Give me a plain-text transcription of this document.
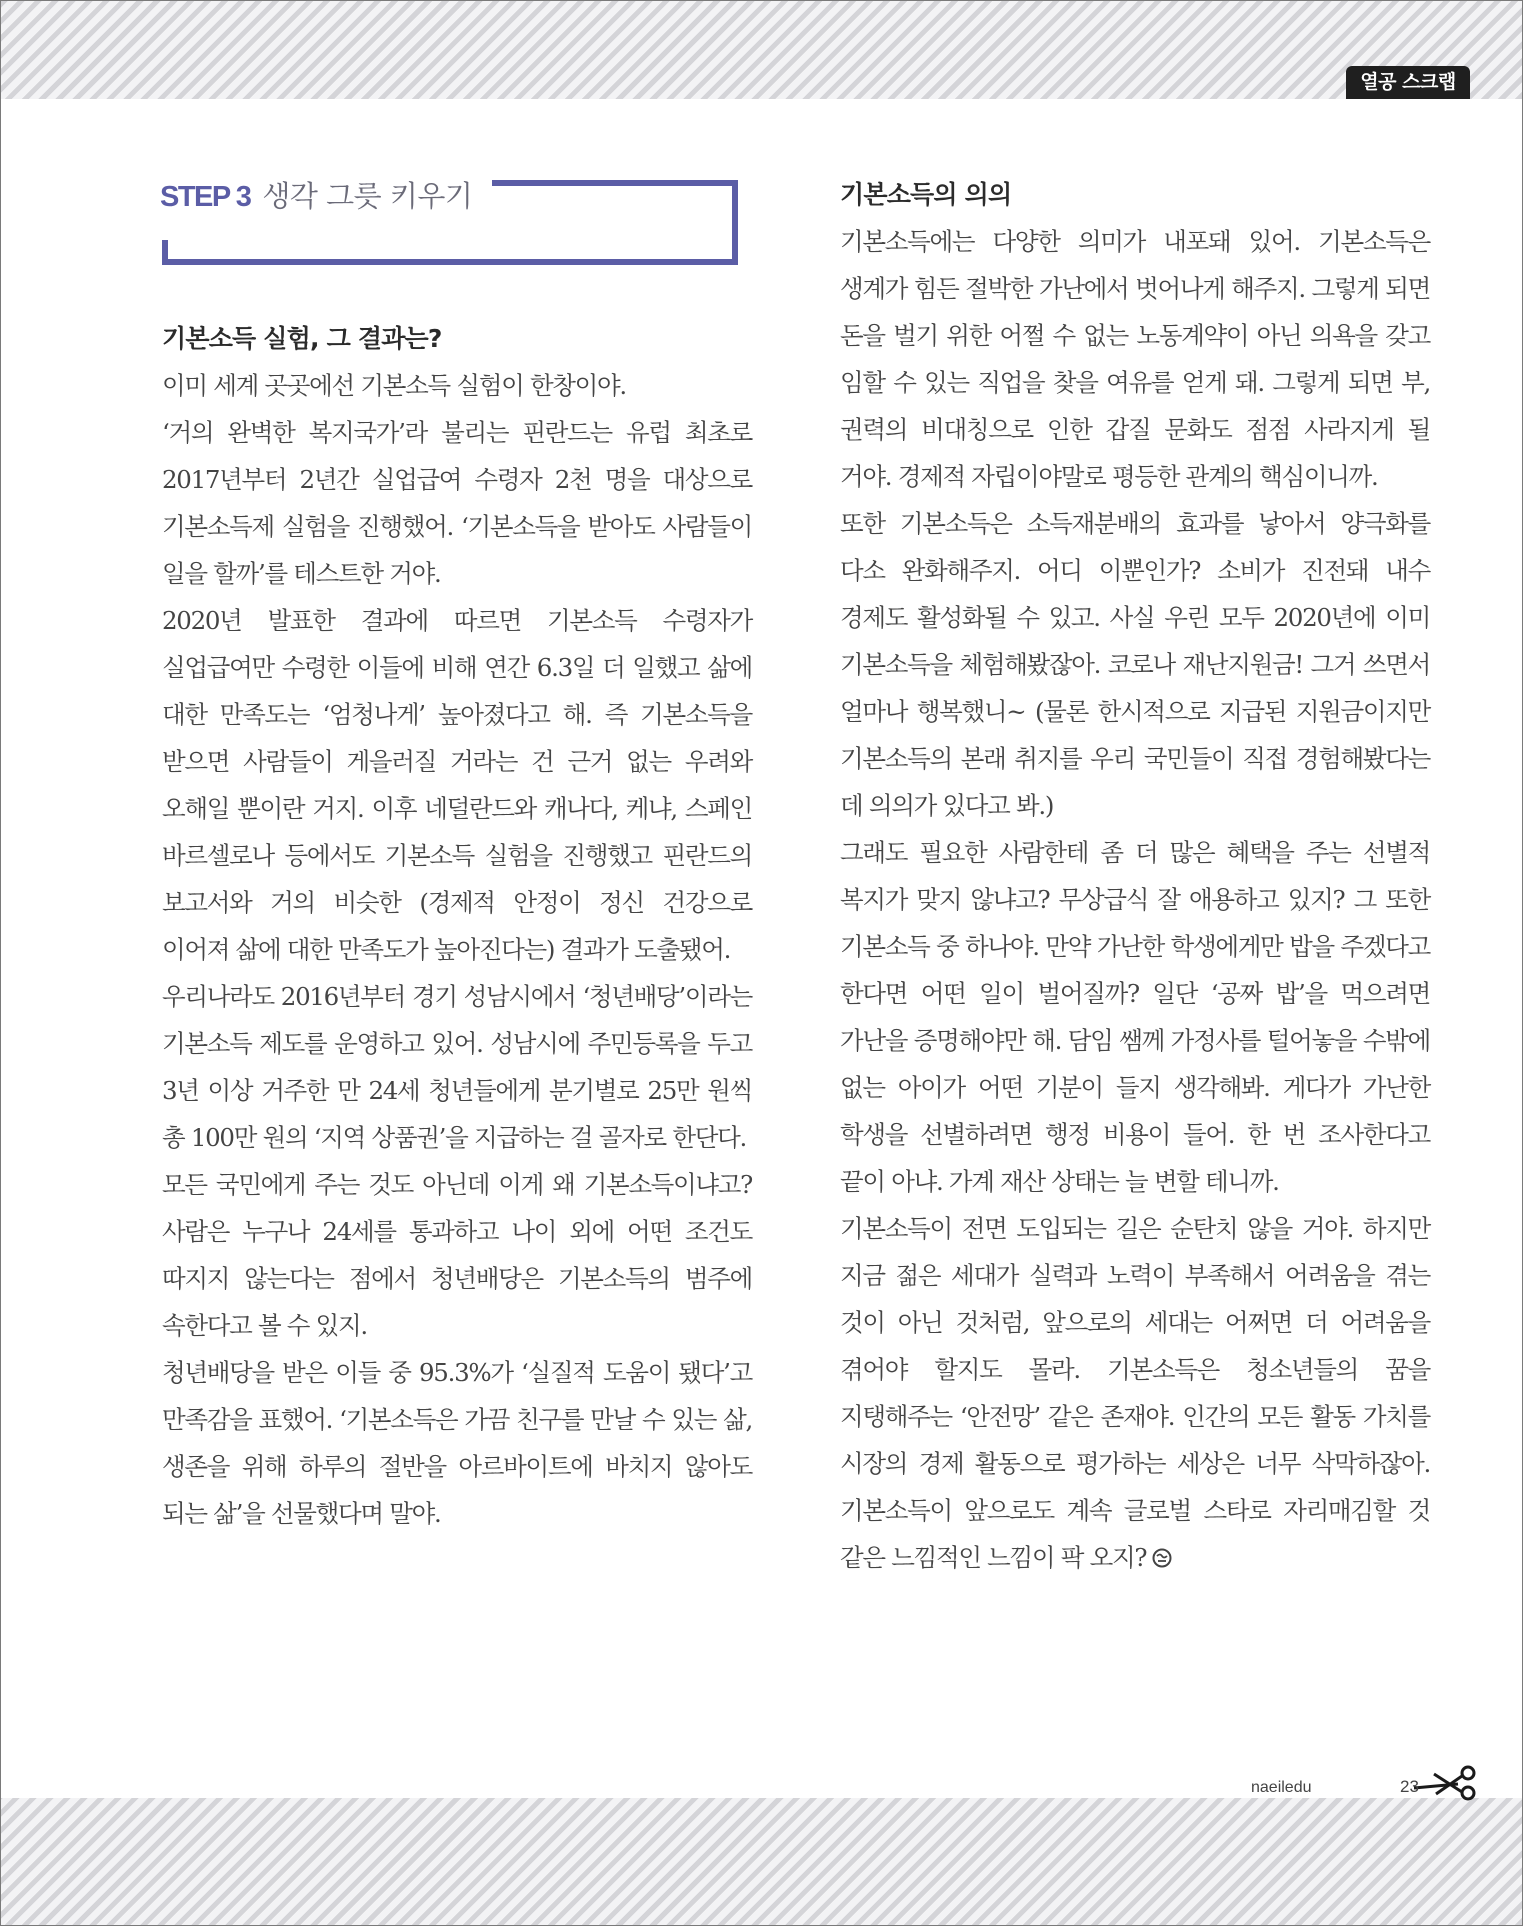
열공 스크랩
STEP 3 생각 그릇 키우기
기본소득 실험, 그 결과는?

이미 세계 곳곳에선 기본소득 실험이 한창이야.

‘거의 완벽한 복지국가’라 불리는 핀란드는 유럽 최초로 2017년부터 2년간 실업급여 수령자 2천 명을 대상으로 기본소득제 실험을 진행했어. ‘기본소득을 받아도 사람들이 일을 할까’를 테스트한 거야.

2020년 발표한 결과에 따르면 기본소득 수령자가 실업급여만 수령한 이들에 비해 연간 6.3일 더 일했고 삶에 대한 만족도는 ‘엄청나게’ 높아졌다고 해. 즉 기본소득을 받으면 사람들이 게을러질 거라는 건 근거 없는 우려와 오해일 뿐이란 거지. 이후 네덜란드와 캐나다, 케냐, 스페인 바르셀로나 등에서도 기본소득 실험을 진행했고 핀란드의 보고서와 거의 비슷한 (경제적 안정이 정신 건강으로 이어져 삶에 대한 만족도가 높아진다는) 결과가 도출됐어.

우리나라도 2016년부터 경기 성남시에서 ‘청년배당’이라는 기본소득 제도를 운영하고 있어. 성남시에 주민등록을 두고 3년 이상 거주한 만 24세 청년들에게 분기별로 25만 원씩 총 100만 원의 ‘지역 상품권’을 지급하는 걸 골자로 한단다.

모든 국민에게 주는 것도 아닌데 이게 왜 기본소득이냐고? 사람은 누구나 24세를 통과하고 나이 외에 어떤 조건도 따지지 않는다는 점에서 청년배당은 기본소득의 범주에 속한다고 볼 수 있지.

청년배당을 받은 이들 중 95.3%가 ‘실질적 도움이 됐다’고 만족감을 표했어. ‘기본소득은 가끔 친구를 만날 수 있는 삶, 생존을 위해 하루의 절반을 아르바이트에 바치지 않아도 되는 삶’을 선물했다며 말야.

기본소득의 의의

기본소득에는 다양한 의미가 내포돼 있어. 기본소득은 생계가 힘든 절박한 가난에서 벗어나게 해주지. 그렇게 되면 돈을 벌기 위한 어쩔 수 없는 노동계약이 아닌 의욕을 갖고 임할 수 있는 직업을 찾을 여유를 얻게 돼. 그렇게 되면 부, 권력의 비대칭으로 인한 갑질 문화도 점점 사라지게 될 거야. 경제적 자립이야말로 평등한 관계의 핵심이니까.

또한 기본소득은 소득재분배의 효과를 낳아서 양극화를 다소 완화해주지. 어디 이뿐인가? 소비가 진전돼 내수 경제도 활성화될 수 있고. 사실 우린 모두 2020년에 이미 기본소득을 체험해봤잖아. 코로나 재난지원금! 그거 쓰면서 얼마나 행복했니~ (물론 한시적으로 지급된 지원금이지만 기본소득의 본래 취지를 우리 국민들이 직접 경험해봤다는 데 의의가 있다고 봐.)

그래도 필요한 사람한테 좀 더 많은 혜택을 주는 선별적 복지가 맞지 않냐고? 무상급식 잘 애용하고 있지? 그 또한 기본소득 중 하나야. 만약 가난한 학생에게만 밥을 주겠다고 한다면 어떤 일이 벌어질까? 일단 ‘공짜 밥’을 먹으려면 가난을 증명해야만 해. 담임 쌤께 가정사를 털어놓을 수밖에 없는 아이가 어떤 기분이 들지 생각해봐. 게다가 가난한 학생을 선별하려면 행정 비용이 들어. 한 번 조사한다고 끝이 아냐. 가계 재산 상태는 늘 변할 테니까.

기본소득이 전면 도입되는 길은 순탄치 않을 거야. 하지만 지금 젊은 세대가 실력과 노력이 부족해서 어려움을 겪는 것이 아닌 것처럼, 앞으로의 세대는 어쩌면 더 어려움을 겪어야 할지도 몰라. 기본소득은 청소년들의 꿈을 지탱해주는 ‘안전망’ 같은 존재야. 인간의 모든 활동 가치를 시장의 경제 활동으로 평가하는 세상은 너무 삭막하잖아. 기본소득이 앞으로도 계속 글로벌 스타로 자리매김할 것 같은 느낌적인 느낌이 팍 오지?

naeiledu	23
